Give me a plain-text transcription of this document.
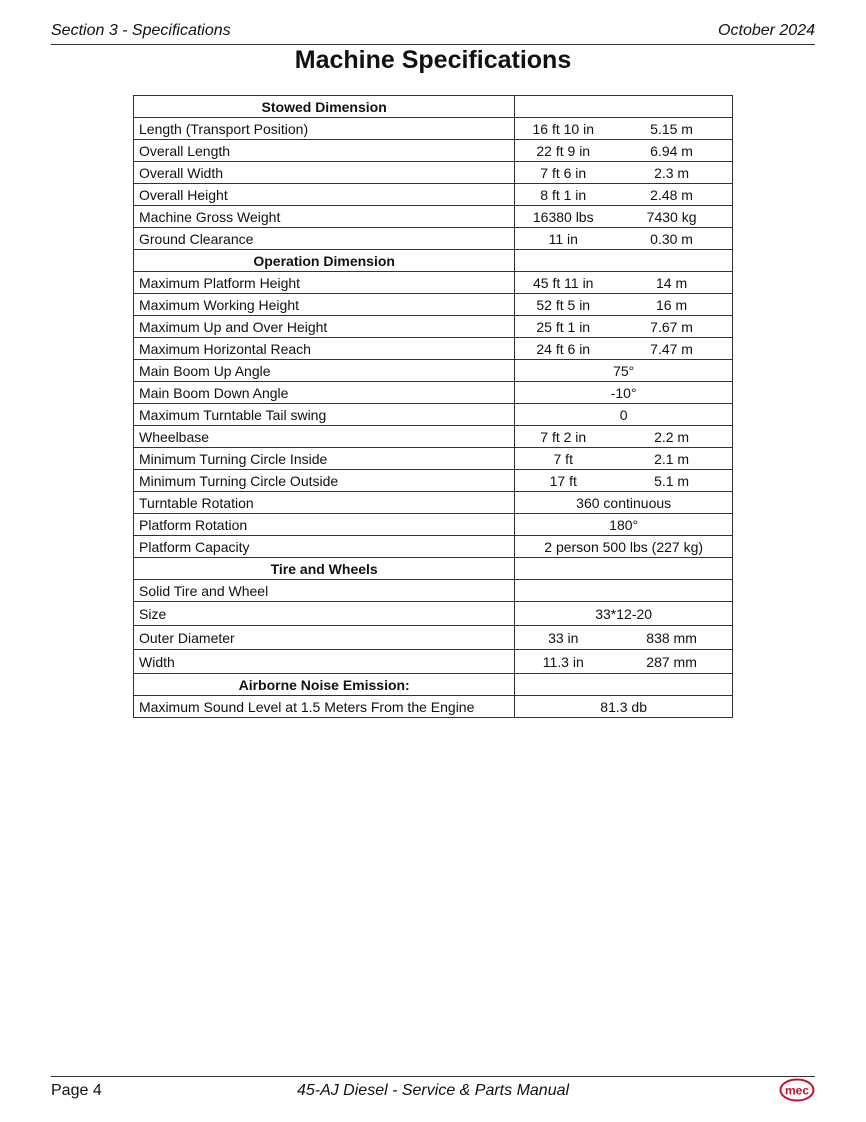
Section 3 - Specifications	October 2024
Machine Specifications
Stowed Dimension		
Length (Transport Position)	16 ft 10 in	5.15 m
Overall Length	22 ft 9 in	6.94 m
Overall Width	7 ft 6 in	2.3 m
Overall Height	8 ft 1 in	2.48 m
Machine Gross Weight	16380 lbs	7430 kg
Ground Clearance	11 in	0.30 m
Operation Dimension		
Maximum Platform Height	45 ft 11 in	14 m
Maximum Working Height	52 ft 5 in	16 m
Maximum Up and Over Height	25 ft 1 in	7.67 m
Maximum Horizontal Reach	24 ft 6 in	7.47 m
Main Boom Up Angle	75°	
Main Boom Down Angle	-10°	
Maximum Turntable Tail swing	0	
Wheelbase	7 ft 2 in	2.2 m
Minimum Turning Circle Inside	7 ft	2.1 m
Minimum Turning Circle Outside	17 ft	5.1 m
Turntable Rotation	360 continuous	
Platform Rotation	180°	
Platform Capacity	2 person 500 lbs (227 kg)	
Tire and Wheels		
Solid Tire and Wheel		
Size	33*12-20	
Outer Diameter	33 in	838 mm
Width	11.3 in	287 mm
Airborne Noise Emission:		
Maximum Sound Level at 1.5 Meters From the Engine	81.3 db	
Page 4	45-AJ Diesel - Service & Parts Manual	mec
